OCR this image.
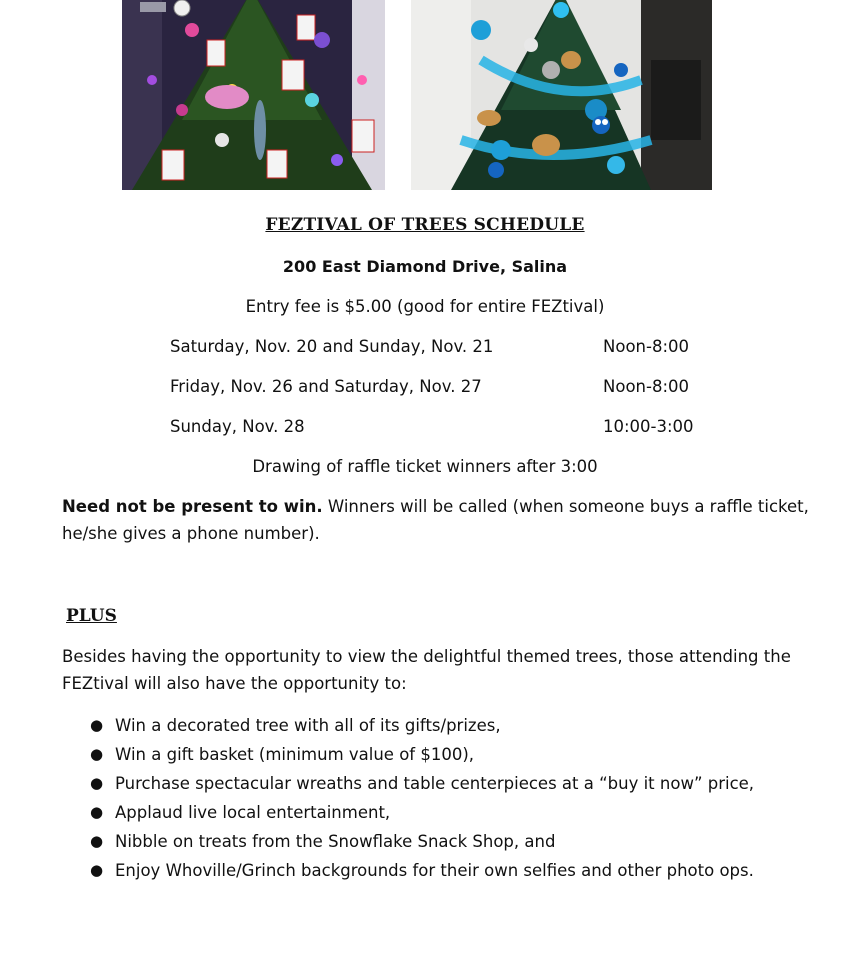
FEZTIVAL OF TREES SCHEDULE
200 East Diamond Drive, Salina
Entry fee is $5.00 (good for entire FEZtival)
Saturday, Nov. 20 and Sunday, Nov. 21	Noon-8:00
Friday, Nov. 26 and Saturday, Nov. 27	Noon-8:00
Sunday, Nov. 28	10:00-3:00
Drawing of raffle ticket winners after 3:00
Need not be present to win. Winners will be called (when someone buys a raffle ticket, he/she gives a phone number).
PLUS
Besides having the opportunity to view the delightful themed trees, those attending the FEZtival will also have the opportunity to:
● Win a decorated tree with all of its gifts/prizes,
● Win a gift basket (minimum value of $100),
● Purchase spectacular wreaths and table centerpieces at a “buy it now” price,
● Applaud live local entertainment,
● Nibble on treats from the Snowflake Snack Shop, and
● Enjoy Whoville/Grinch backgrounds for their own selfies and other photo ops.
